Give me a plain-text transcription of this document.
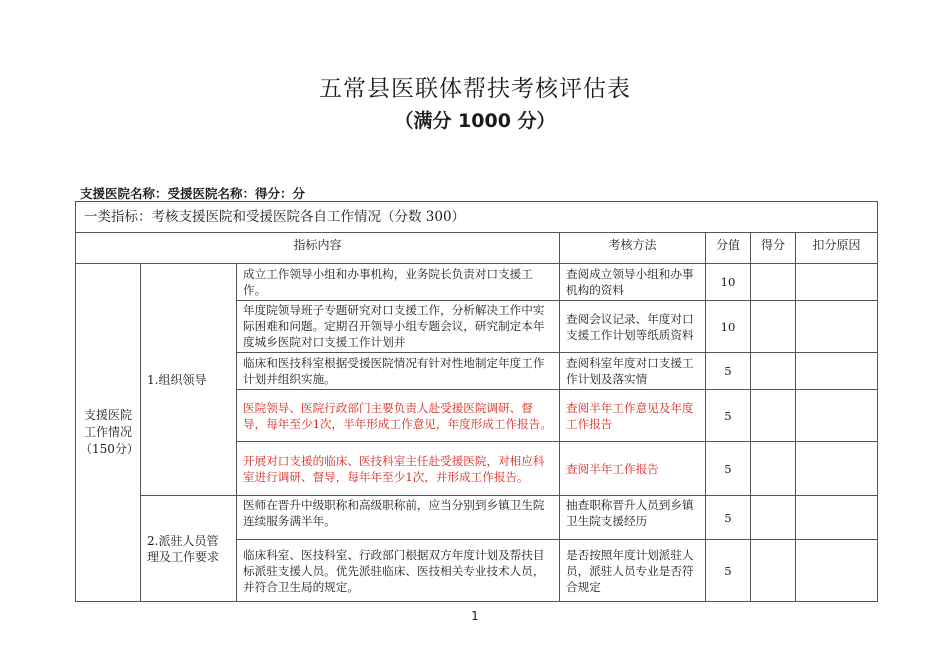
五常县医联体帮扶考核评估表
（满分 1000 分）
支援医院名称：受援医院名称：得分：分
一类指标：考核支援医院和受援医院各自工作情况（分数 300）						
指标内容			考核方法	分值	得分	扣分原因
支援医院工作情况（150分）	1.组织领导	成立工作领导小组和办事机构，业务院长负责对口支援工作。	查阅成立领导小组和办事机构的资料	10		
		年度院领导班子专题研究对口支援工作，分析解决工作中实际困难和问题。定期召开领导小组专题会议，研究制定本年度城乡医院对口支援工作计划并	查阅会议记录、年度对口支援工作计划等纸质资料	10		
		临床和医技科室根据受援医院情况有针对性地制定年度工作计划并组织实施。	查阅科室年度对口支援工作计划及落实情	5		
		医院领导、医院行政部门主要负责人赴受援医院调研、督导，每年至少1次，半年形成工作意见，年度形成工作报告。	查阅半年工作意见及年度工作报告	5		
		开展对口支援的临床、医技科室主任赴受援医院，对相应科室进行调研、督导，每年年至少1次，并形成工作报告。	查阅半年工作报告	5		
	2.派驻人员管理及工作要求	医师在晋升中级职称和高级职称前，应当分别到乡镇卫生院连续服务满半年。	抽查职称晋升人员到乡镇卫生院支援经历	5		
		临床科室、医技科室、行政部门根据双方年度计划及帮扶目标派驻支援人员。优先派驻临床、医技相关专业技术人员，并符合卫生局的规定。	是否按照年度计划派驻人员，派驻人员专业是否符合规定	5		
1
